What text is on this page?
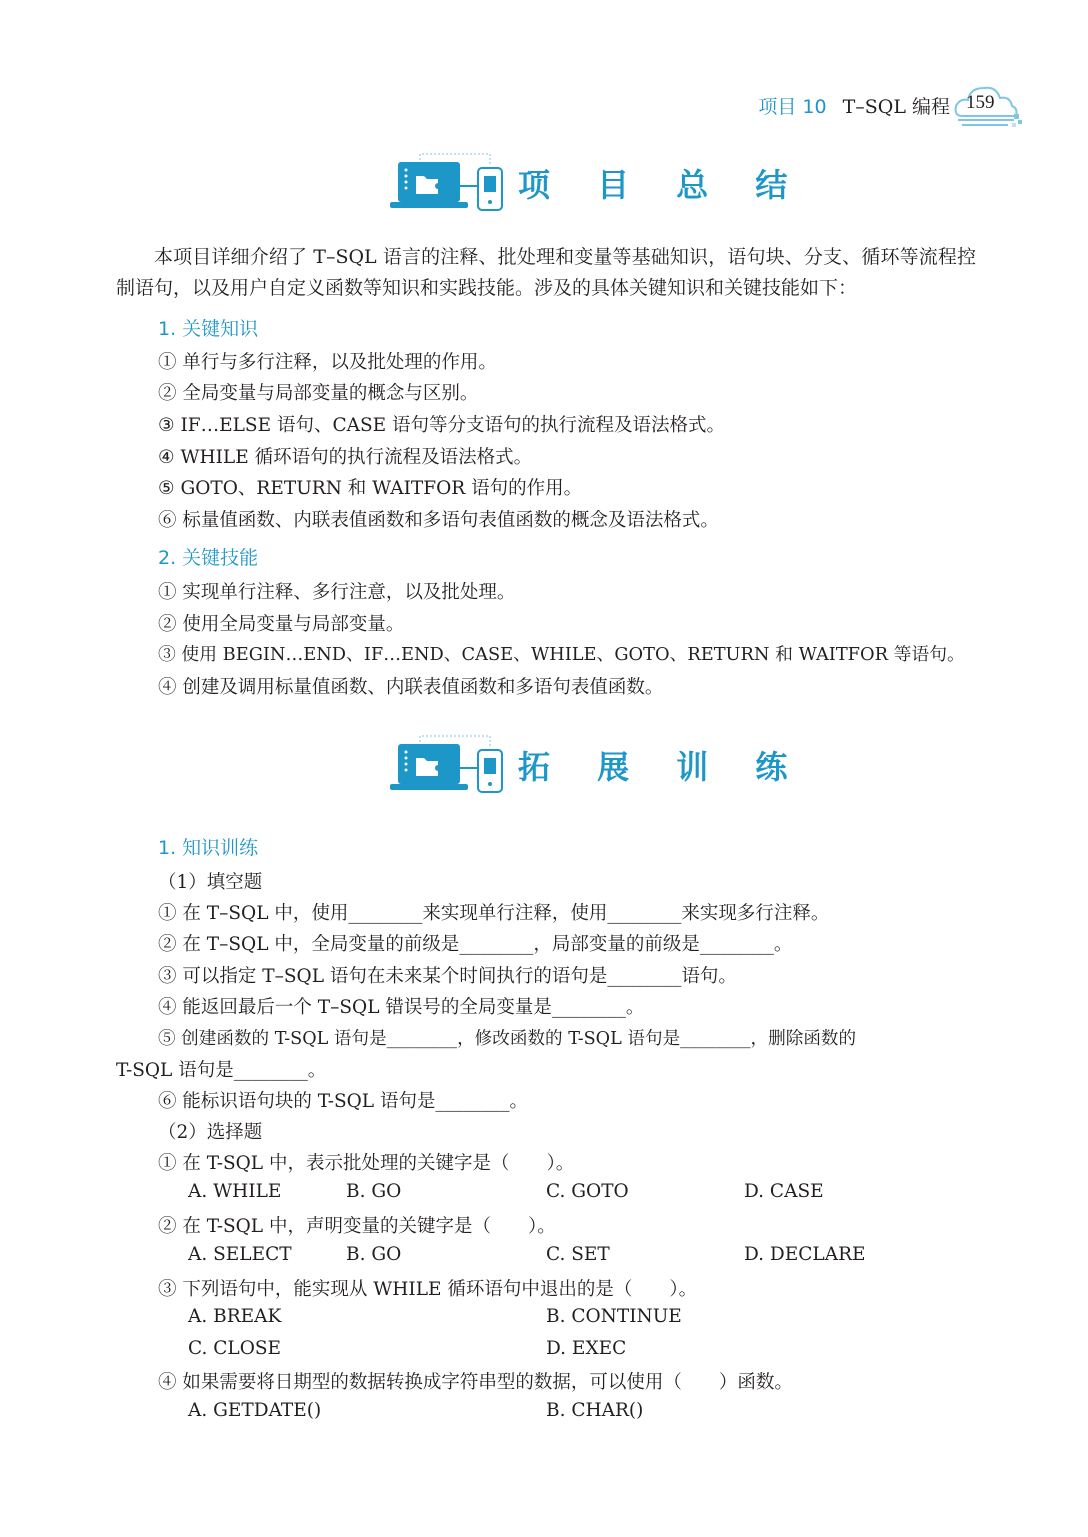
项目 10 T–SQL 编程 159
项 目 总 结

本项目详细介绍了 T–SQL 语言的注释、批处理和变量等基础知识，语句块、分支、循环等流程控制语句，以及用户自定义函数等知识和实践技能。涉及的具体关键知识和关键技能如下：

1. 关键知识
① 单行与多行注释，以及批处理的作用。
② 全局变量与局部变量的概念与区别。
③ IF…ELSE 语句、CASE 语句等分支语句的执行流程及语法格式。
④ WHILE 循环语句的执行流程及语法格式。
⑤ GOTO、RETURN 和 WAITFOR 语句的作用。
⑥ 标量值函数、内联表值函数和多语句表值函数的概念及语法格式。
2. 关键技能
① 实现单行注释、多行注意，以及批处理。
② 使用全局变量与局部变量。
③ 使用 BEGIN…END、IF…END、CASE、WHILE、GOTO、RETURN 和 WAITFOR 等语句。
④ 创建及调用标量值函数、内联表值函数和多语句表值函数。
拓 展 训 练
1. 知识训练
（1）填空题
① 在 T–SQL 中，使用________来实现单行注释，使用________来实现多行注释。
② 在 T–SQL 中，全局变量的前级是________，局部变量的前级是________。
③ 可以指定 T–SQL 语句在未来某个时间执行的语句是________语句。
④ 能返回最后一个 T–SQL 错误号的全局变量是________。
⑤ 创建函数的 T-SQL 语句是________，修改函数的 T-SQL 语句是________，删除函数的
T-SQL 语句是________。
⑥ 能标识语句块的 T-SQL 语句是________。
（2）选择题
① 在 T-SQL 中，表示批处理的关键字是（　　）。
A. WHILE	B. GO	C. GOTO	D. CASE
② 在 T-SQL 中，声明变量的关键字是（　　）。
A. SELECT	B. GO	C. SET	D. DECLARE
③ 下列语句中，能实现从 WHILE 循环语句中退出的是（　　）。
A. BREAK	B. CONTINUE
C. CLOSE	D. EXEC
④ 如果需要将日期型的数据转换成字符串型的数据，可以使用（　　）函数。
A. GETDATE()	B. CHAR()
